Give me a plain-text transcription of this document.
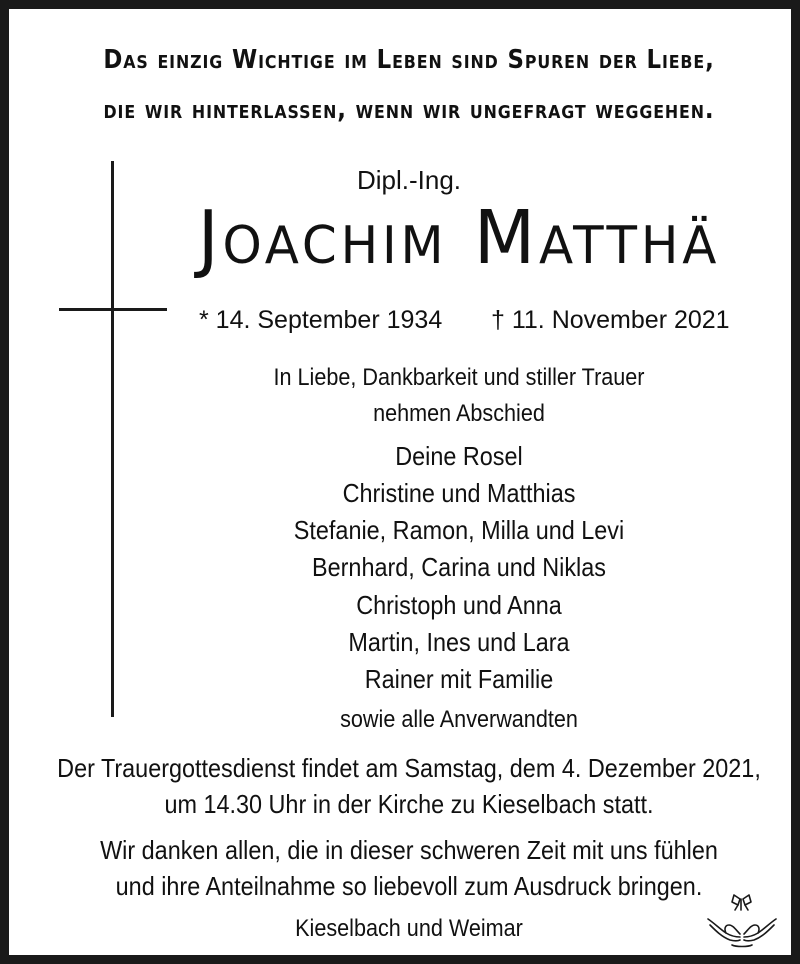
Das einzig Wichtige im Leben sind Spuren der Liebe,
die wir hinterlassen, wenn wir ungefragt weggehen.
Dipl.-Ing.
Joachim Matthä
* 14. September 1934 † 11. November 2021
In Liebe, Dankbarkeit und stiller Trauer
nehmen Abschied
Deine Rosel
Christine und Matthias
Stefanie, Ramon, Milla und Levi
Bernhard, Carina und Niklas
Christoph und Anna
Martin, Ines und Lara
Rainer mit Familie
sowie alle Anverwandten
Der Trauergottesdienst findet am Samstag, dem 4. Dezember 2021,
um 14.30 Uhr in der Kirche zu Kieselbach statt.
Wir danken allen, die in dieser schweren Zeit mit uns fühlen
und ihre Anteilnahme so liebevoll zum Ausdruck bringen.
Kieselbach und Weimar
